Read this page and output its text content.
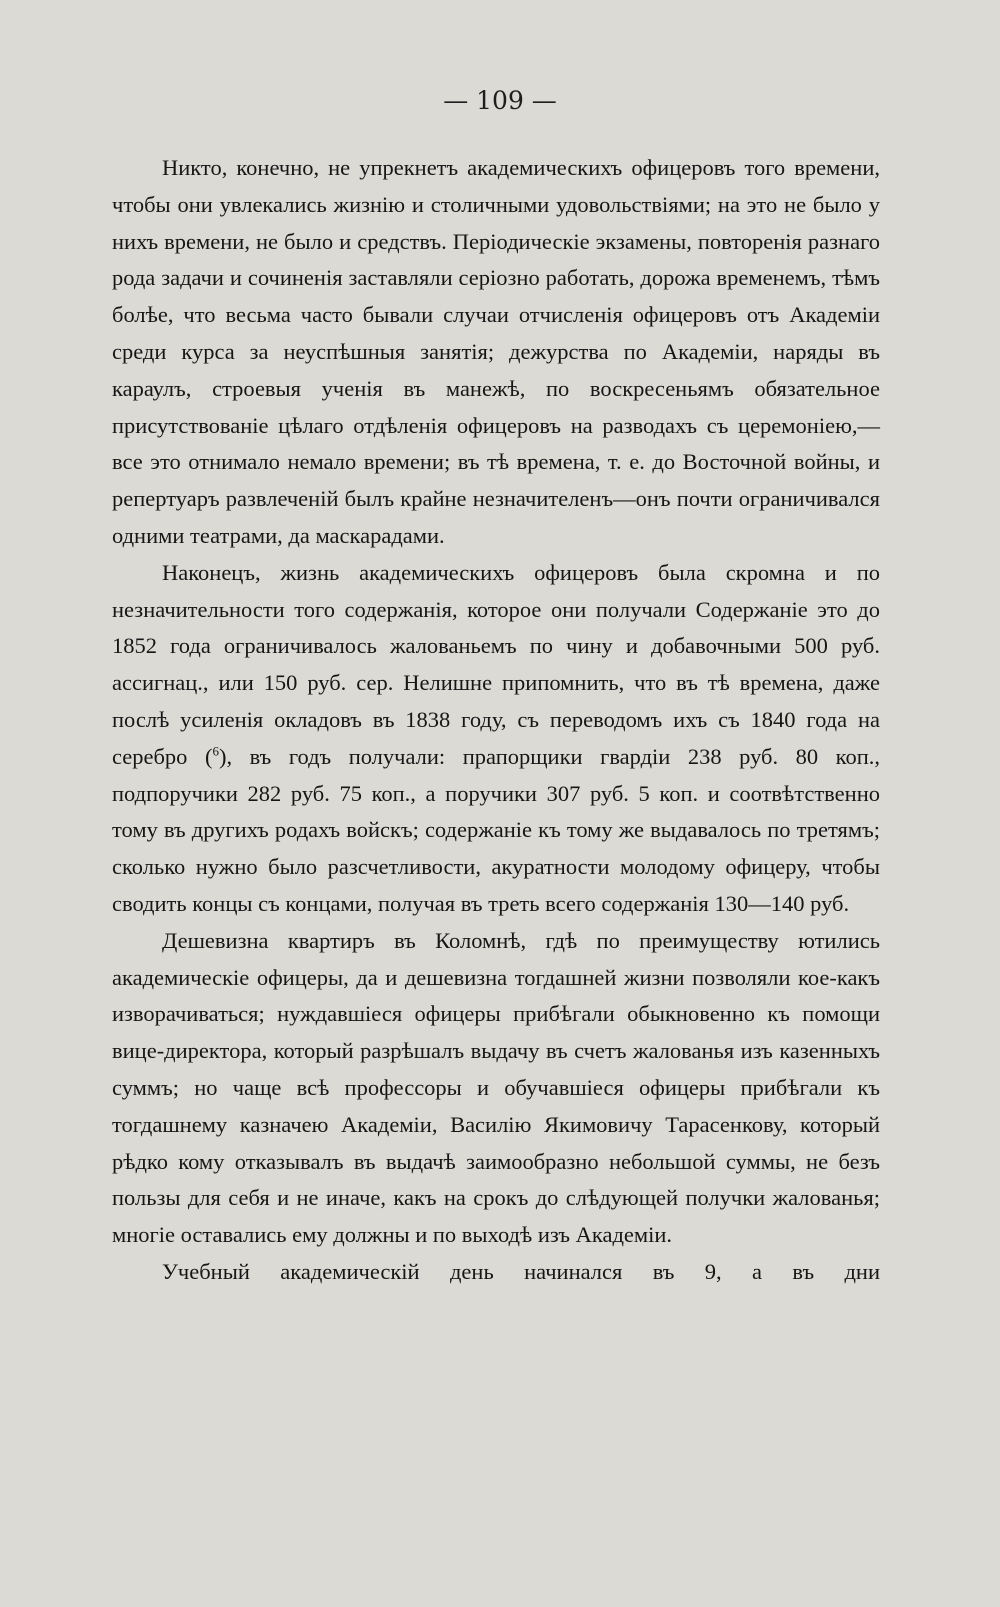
— 109 —

Никто, конечно, не упрекнетъ академическихъ офицеровъ того времени, чтобы они увлекались жизнію и столичными удовольствіями; на это не было у нихъ времени, не было и средствъ. Періодическіе экзамены, повторенія разнаго рода задачи и сочиненія заставляли серіозно работать, дорожа временемъ, тѣмъ болѣе, что весьма часто бывали случаи отчисленія офицеровъ отъ Академіи среди курса за неуспѣшныя занятія; дежурства по Академіи, наряды въ караулъ, строевыя ученія въ манежѣ, по воскресеньямъ обязательное присутствованіе цѣлаго отдѣленія офицеровъ на разводахъ съ церемоніею,—все это отнимало немало времени; въ тѣ времена, т. е. до Восточной войны, и репертуаръ развлеченій былъ крайне незначителенъ—онъ почти ограничивался одними театрами, да маскарадами.

Наконецъ, жизнь академическихъ офицеровъ была скромна и по незначительности того содержанія, которое они получали Содержаніе это до 1852 года ограничивалось жалованьемъ по чину и добавочными 500 руб. ассигнац., или 150 руб. сер. Нелишне припомнить, что въ тѣ времена, даже послѣ усиленія окладовъ въ 1838 году, съ переводомъ ихъ съ 1840 года на серебро ($^6$), въ годъ получали: прапорщики гвардіи 238 руб. 80 коп., подпоручики 282 руб. 75 коп., а поручики 307 руб. 5 коп. и соотвѣтственно тому въ другихъ родахъ войскъ; содержаніе къ тому же выдавалось по третямъ; сколько нужно было разсчетливости, акуратности молодому офицеру, чтобы сводить концы съ концами, получая въ треть всего содержанія 130—140 руб.

Дешевизна квартиръ въ Коломнѣ, гдѣ по преимуществу ютились академическіе офицеры, да и дешевизна тогдашней жизни позволяли кое-какъ изворачиваться; нуждавшіеся офицеры прибѣгали обыкновенно къ помощи вице-директора, который разрѣшалъ выдачу въ счетъ жалованья изъ казенныхъ суммъ; но чаще всѣ профессоры и обучавшіеся офицеры прибѣгали къ тогдашнему казначею Академіи, Василію Якимовичу Тарасенкову, который рѣдко кому отказывалъ въ выдачѣ заимообразно небольшой суммы, не безъ пользы для себя и не иначе, какъ на срокъ до слѣдующей получки жалованья; многіе оставались ему должны и по выходѣ изъ Академіи.

Учебный академическій день начинался въ 9, а въ дни
